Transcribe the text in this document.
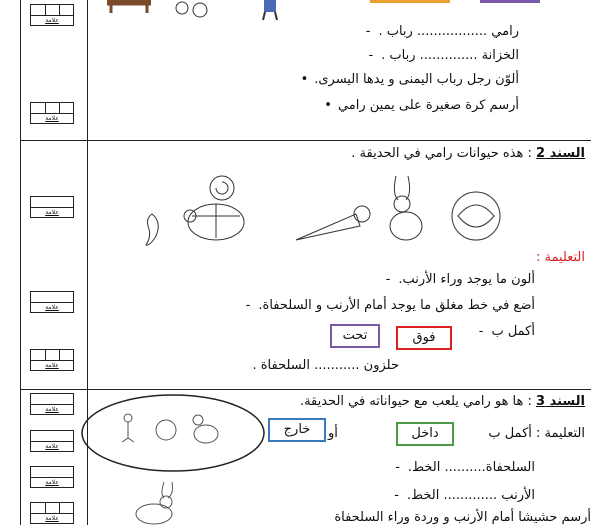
علامة
علامة
علامة
علامة
علامة
علامة
علامة
علامة
علامة
رامي ................. رباب . -
الخزانة .............. رباب . -
ألوّن رجل رباب اليمنى و يدها اليسرى. •
أرسم كرة صغيرة على يمين رامي •
السند 2 : هذه حيوانات رامي في الحديقة .
التعليمة :
ألون ما يوجد وراء الأرنب. -
أضع في خط مغلق ما يوجد أمام الأرنب و السلحفاة. -
أكمل ب -
فوق
تحت
حلزون ........... السلحفاة .
السند 3 : ها هو رامي يلعب مع حيواناته في الحديقة.
التعليمة : أكمل ب
داخل
أو
خارج
السلحفاة.......... الخط. -
الأرنب ............. الخط. -
أرسم حشيشا أمام الأرنب و وردة وراء السلحفاة
